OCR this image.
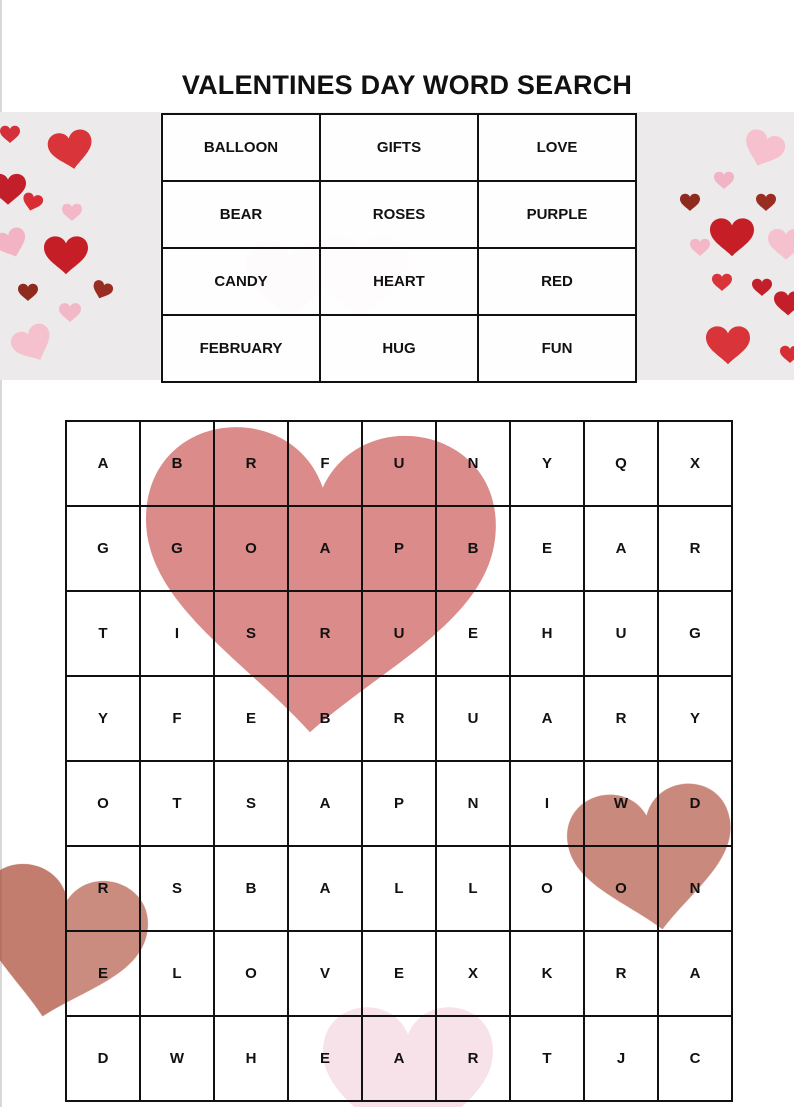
VALENTINES DAY WORD SEARCH
BALLOON	GIFTS	LOVE
BEAR	ROSES	PURPLE
CANDY	HEART	RED
FEBRUARY	HUG	FUN
A	B	R	F	U	N	Y	Q	X
G	G	O	A	P	B	E	A	R
T	I	S	R	U	E	H	U	G
Y	F	E	B	R	U	A	R	Y
O	T	S	A	P	N	I	W	D
R	S	B	A	L	L	O	O	N
E	L	O	V	E	X	K	R	A
D	W	H	E	A	R	T	J	C
